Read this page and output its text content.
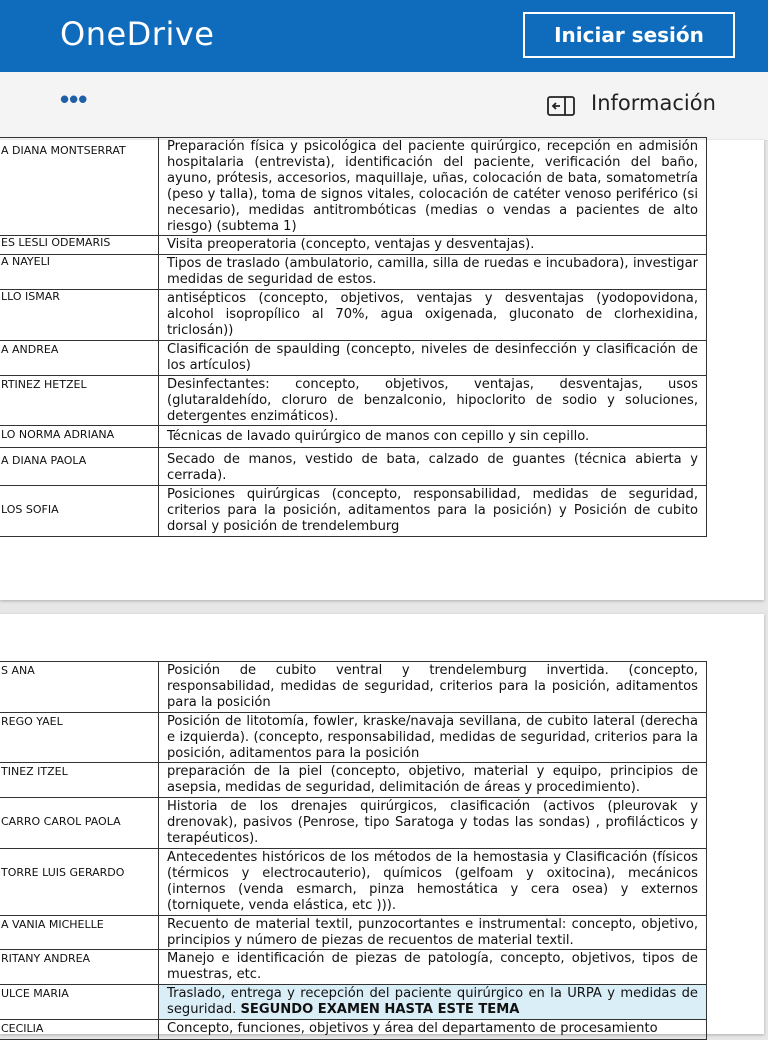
OneDrive	Iniciar sesión
•••	Información
A DIANA MONTSERRAT	Preparación física y psicológica del paciente quirúrgico, recepción en admisión hospitalaria (entrevista), identificación del paciente, verificación del baño, ayuno, prótesis, accesorios, maquillaje, uñas, colocación de bata, somatometría (peso y talla), toma de signos vitales, colocación de catéter venoso periférico (si necesario), medidas antitrombóticas (medias o vendas a pacientes de alto riesgo) (subtema 1)
ES LESLI ODEMARIS	Visita preoperatoria (concepto, ventajas y desventajas).
A NAYELI	Tipos de traslado (ambulatorio, camilla, silla de ruedas e incubadora), investigar medidas de seguridad de estos.
LLO ISMAR	antisépticos (concepto, objetivos, ventajas y desventajas (yodopovidona, alcohol isopropílico al 70%, agua oxigenada, gluconato de clorhexidina, triclosán))
A ANDREA	Clasificación de spaulding (concepto, niveles de desinfección y clasificación de los artículos)
RTINEZ HETZEL	Desinfectantes: concepto, objetivos, ventajas, desventajas, usos (glutaraldehído, cloruro de benzalconio, hipoclorito de sodio y soluciones, detergentes enzimáticos).
LO NORMA ADRIANA	Técnicas de lavado quirúrgico de manos con cepillo y sin cepillo.
A DIANA PAOLA	Secado de manos, vestido de bata, calzado de guantes (técnica abierta y cerrada).
LOS SOFIA	Posiciones quirúrgicas (concepto, responsabilidad, medidas de seguridad, criterios para la posición, aditamentos para la posición) y Posición de cubito dorsal y posición de trendelemburg
S ANA	Posición de cubito ventral y trendelemburg invertida. (concepto, responsabilidad, medidas de seguridad, criterios para la posición, aditamentos para la posición
REGO YAEL	Posición de litotomía, fowler, kraske/navaja sevillana, de cubito lateral (derecha e izquierda). (concepto, responsabilidad, medidas de seguridad, criterios para la posición, aditamentos para la posición
TINEZ ITZEL	preparación de la piel (concepto, objetivo, material y equipo, principios de asepsia, medidas de seguridad, delimitación de áreas y procedimiento).
CARRO CAROL PAOLA	Historia de los drenajes quirúrgicos, clasificación (activos (pleurovak y drenovak), pasivos (Penrose, tipo Saratoga y todas las sondas) , profilácticos y terapéuticos).
TORRE LUIS GERARDO	Antecedentes históricos de los métodos de la hemostasia y Clasificación (físicos (térmicos y electrocauterio), químicos (gelfoam y oxitocina), mecánicos (internos (venda esmarch, pinza hemostática y cera osea) y externos (torniquete, venda elástica, etc ))).
A VANIA MICHELLE	Recuento de material textil, punzocortantes e instrumental: concepto, objetivo, principios y número de piezas de recuentos de material textil.
RITANY ANDREA	Manejo e identificación de piezas de patología, concepto, objetivos, tipos de muestras, etc.
ULCE MARIA	Traslado, entrega y recepción del paciente quirúrgico en la URPA y medidas de seguridad. SEGUNDO EXAMEN HASTA ESTE TEMA
CECILIA	Concepto, funciones, objetivos y área del departamento de procesamiento
